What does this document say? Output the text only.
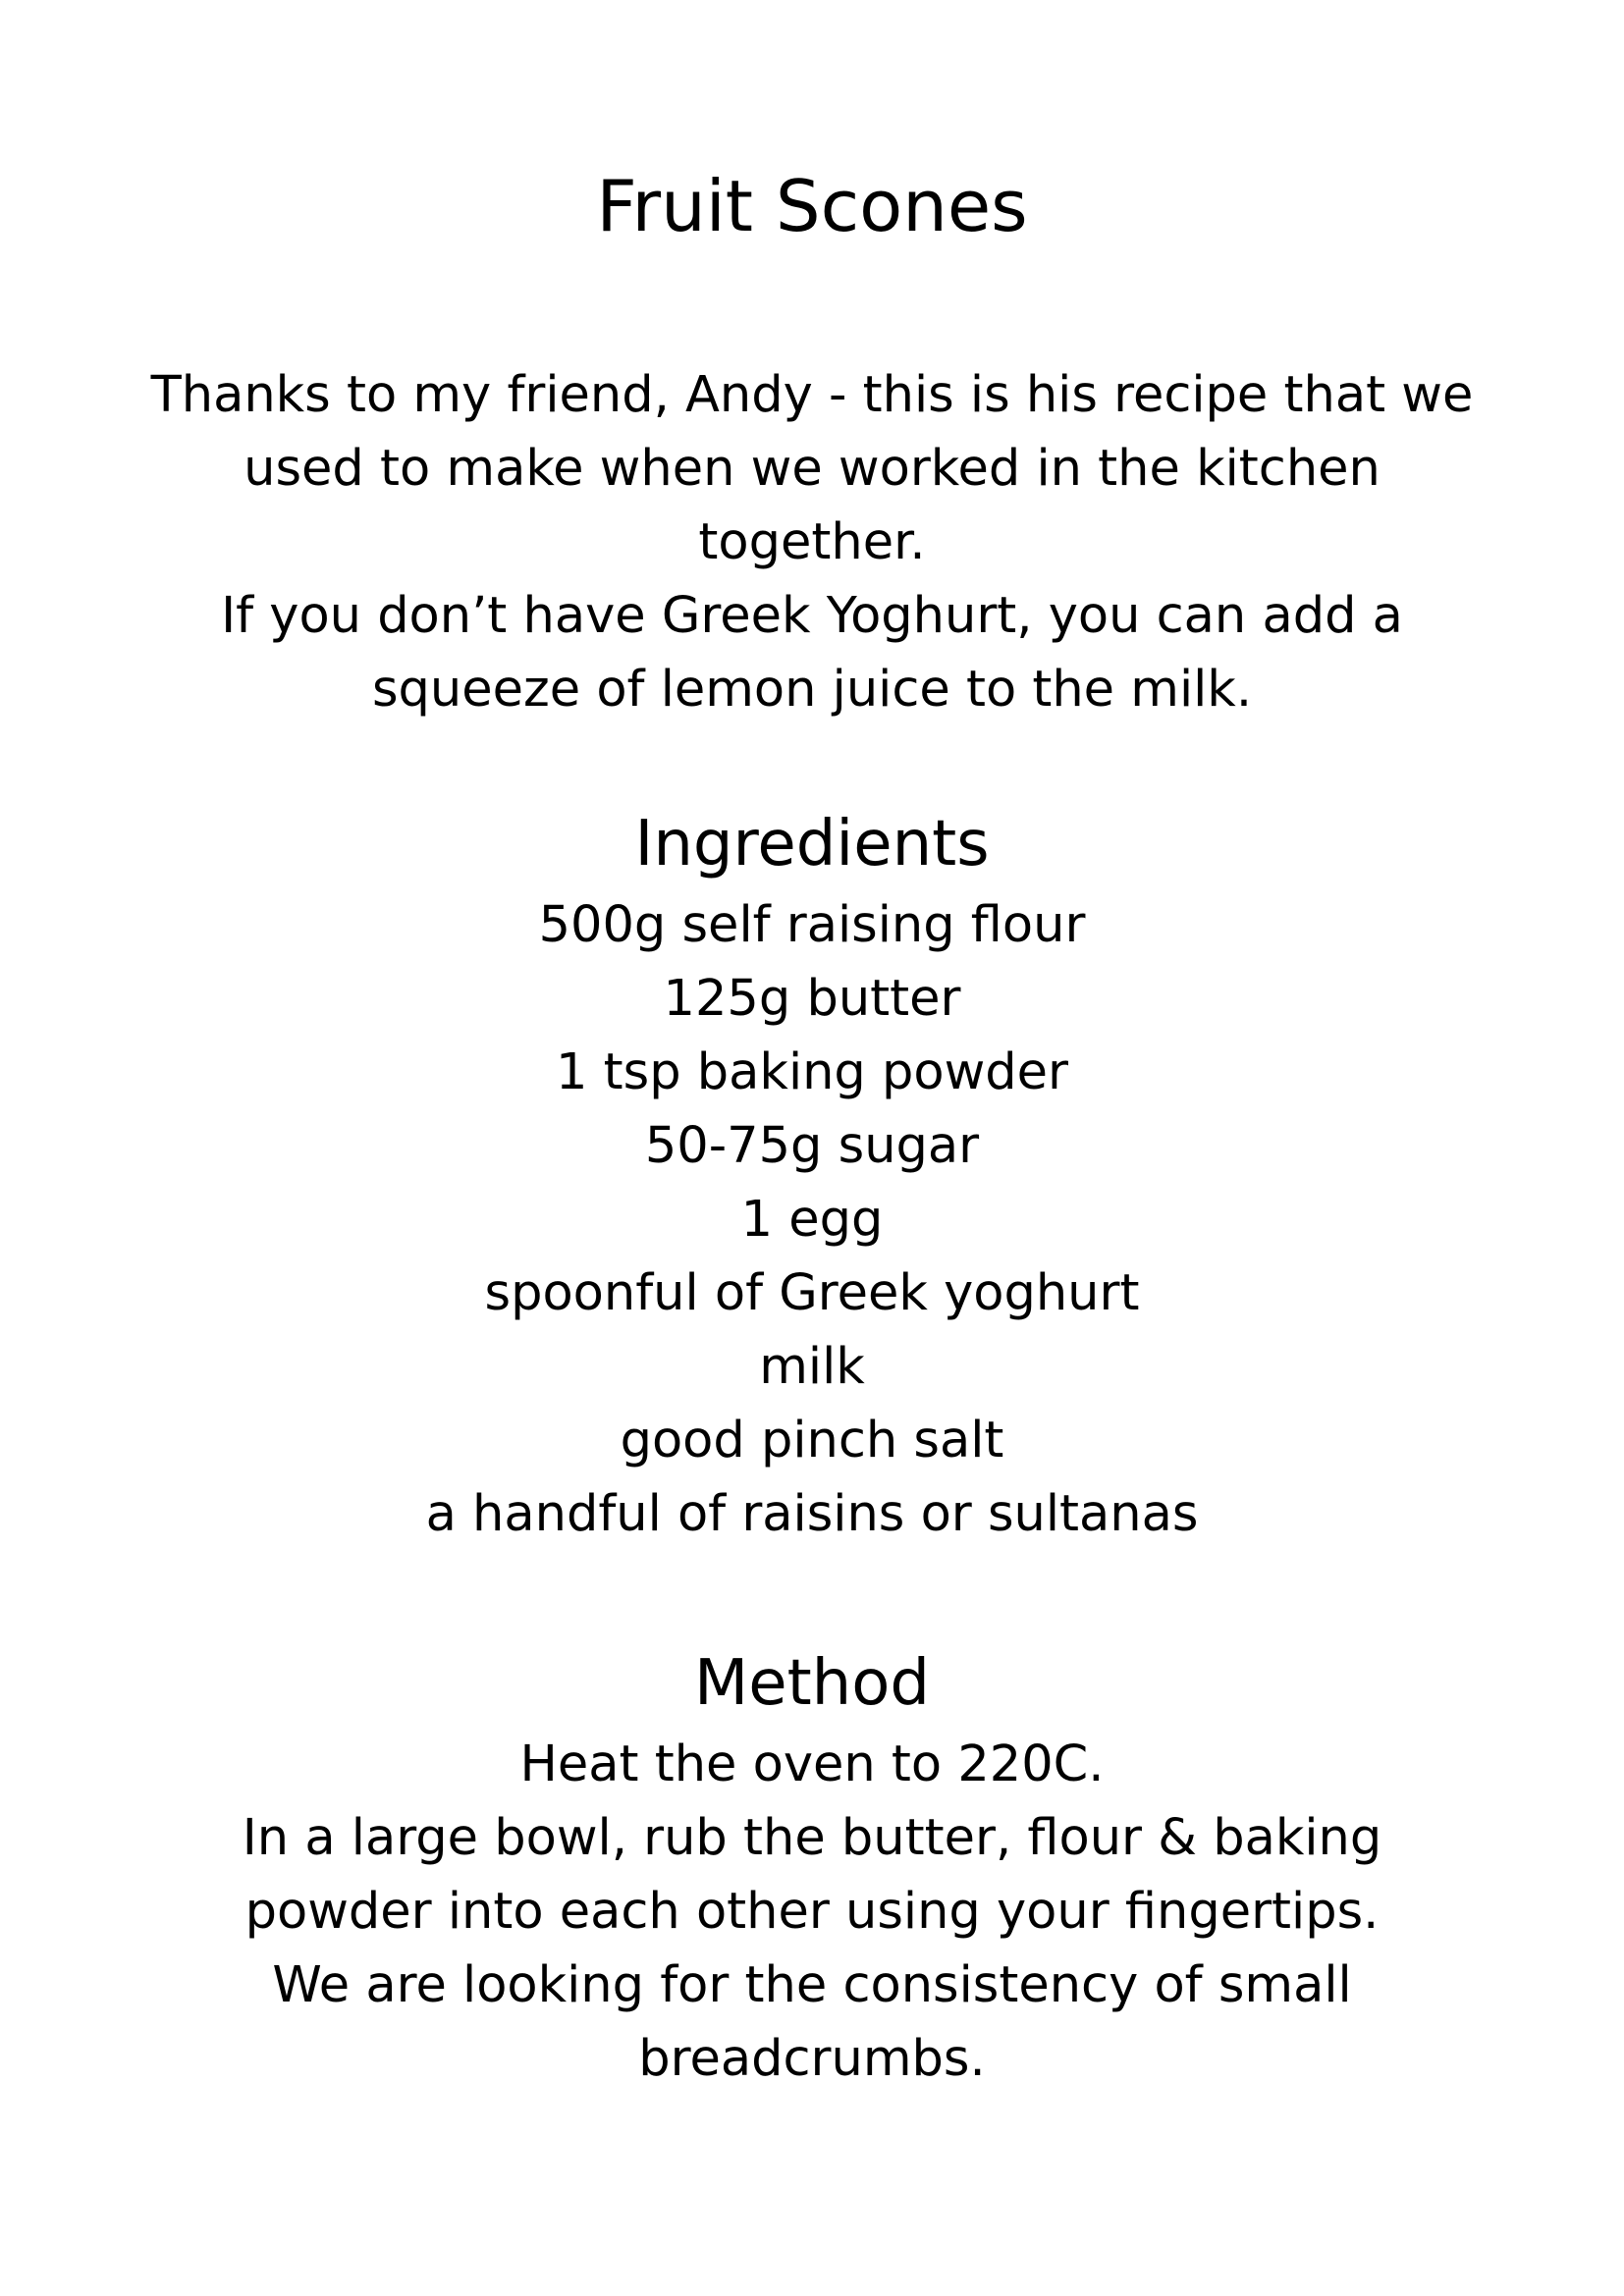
Fruit Scones

Thanks to my friend, Andy - this is his recipe that we used to make when we worked in the kitchen together.

If you don’t have Greek Yoghurt, you can add a squeeze of lemon juice to the milk.

Ingredients
500g self raising flour
125g butter
1 tsp baking powder
50-75g sugar
1 egg
spoonful of Greek yoghurt
milk
good pinch salt
a handful of raisins or sultanas
Method

Heat the oven to 220C.

In a large bowl, rub the butter, flour & baking powder into each other using your fingertips.

We are looking for the consistency of small breadcrumbs.
